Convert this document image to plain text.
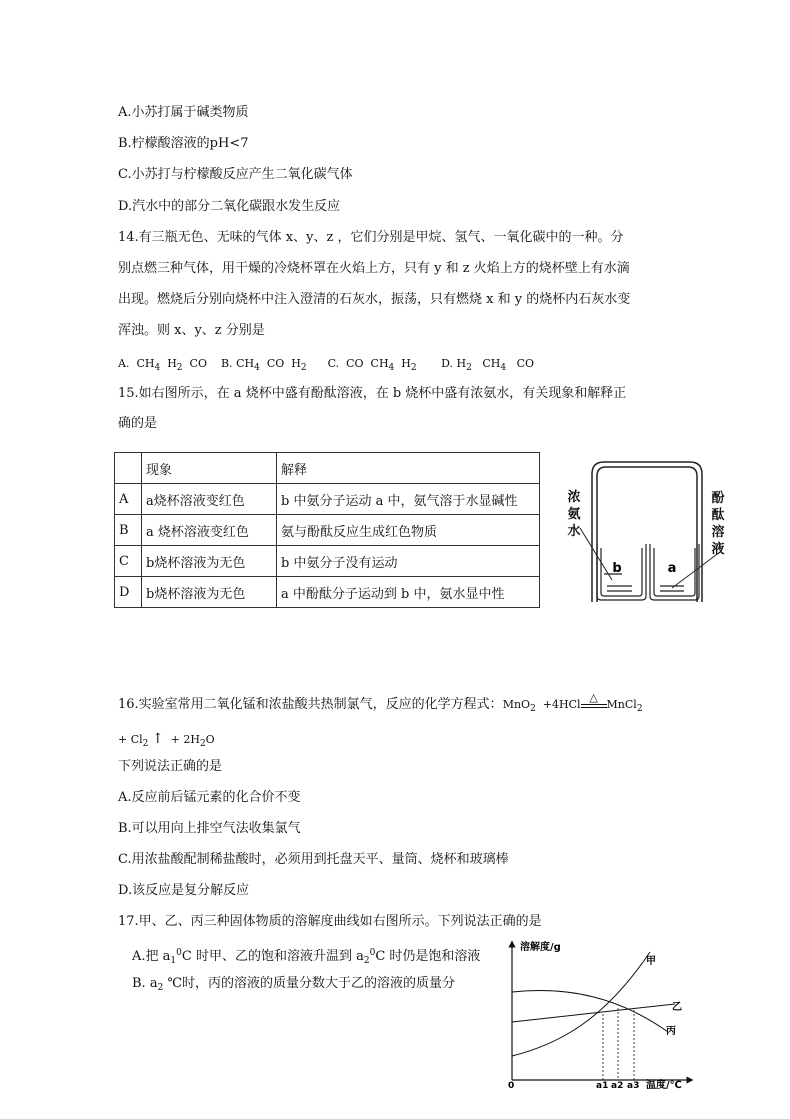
A.小苏打属于碱类物质
B.柠檬酸溶液的pH<7
C.小苏打与柠檬酸反应产生二氧化碳气体
D.汽水中的部分二氧化碳跟水发生反应
14.有三瓶无色、无味的气体 x、y、z ，它们分别是甲烷、氢气、一氧化碳中的一种。分
别点燃三种气体，用干燥的冷烧杯罩在火焰上方，只有 y 和 z 火焰上方的烧杯壁上有水滴
出现。燃烧后分别向烧杯中注入澄清的石灰水，振荡，只有燃烧 x 和 y 的烧杯内石灰水变
浑浊。则 x、y、z 分别是
A. $CH_4$ $H_2$ CO B. $CH_4$ CO $H_2$ C. CO $CH_4$ $H_2$ D. $H_2$ $CH_4$ CO
15.如右图所示，在 a 烧杯中盛有酚酞溶液，在 b 烧杯中盛有浓氨水，有关现象和解释正
确的是
	现象	解释
A	a烧杯溶液变红色	b 中氨分子运动 a 中，氨气溶于水显碱性
B	a 烧杯溶液变红色	氨与酚酞反应生成红色物质
C	b烧杯溶液为无色	b 中氨分子没有运动
D	b烧杯溶液为无色	a 中酚酞分子运动到 b 中，氨水显中性
b	a
浓氨水
酚酞溶液
16.实验室常用二氧化锰和浓盐酸共热制氯气，反应的化学方程式：MnO$_2$ +4HCl
△
MnCl$_2$
+ $Cl_2$ ↑ + $2H_2O$
下列说法正确的是
A.反应前后锰元素的化合价不变
B.可以用向上排空气法收集氯气
C.用浓盐酸配制稀盐酸时，必须用到托盘天平、量筒、烧杯和玻璃棒
D.该反应是复分解反应
17.甲、乙、丙三种固体物质的溶解度曲线如右图所示。下列说法正确的是
A.把 $a_1^0C$ 时甲、乙的饱和溶液升温到 $a_2^0C$ 时仍是饱和溶液
B. $a_2$ ℃时，丙的溶液的质量分数大于乙的溶液的质量分
溶解度/g
温度/℃
0	a1 a2 a3
甲
乙
丙
